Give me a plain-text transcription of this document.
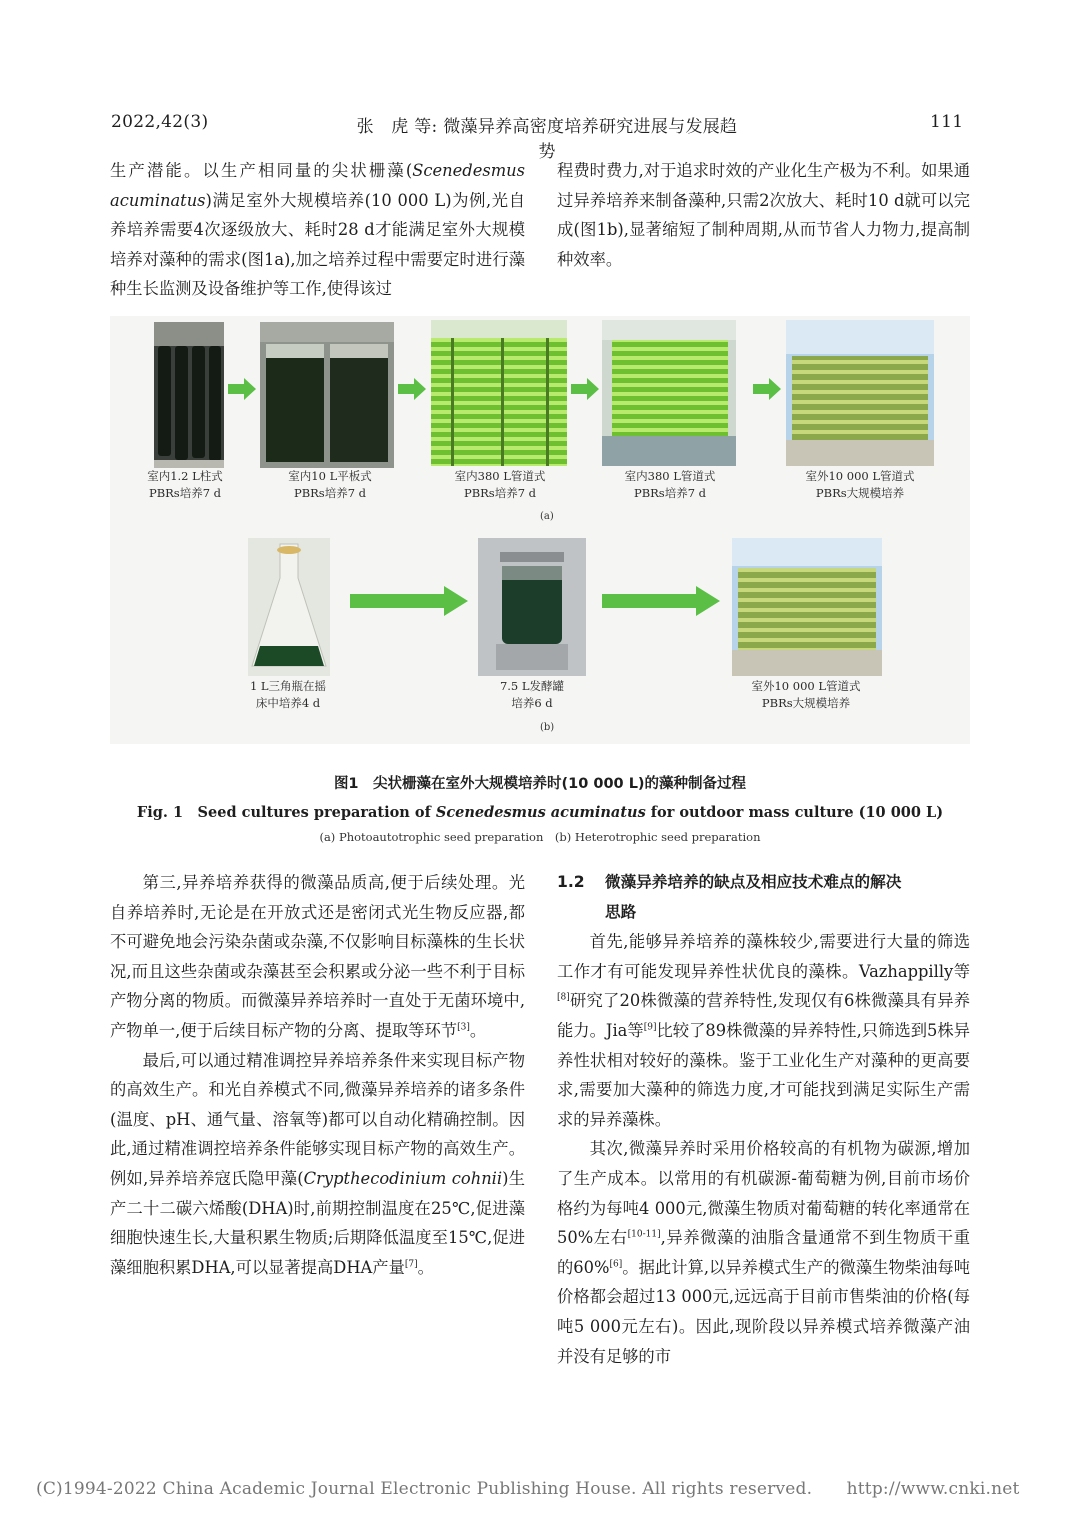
2022,42(3)	张　虎 等: 微藻异养高密度培养研究进展与发展趋势
111

生产潜能。以生产相同量的尖状栅藻(Scenedesmus acuminatus)满足室外大规模培养(10 000 L)为例,光自养培养需要4次逐级放大、耗时28 d才能满足室外大规模培养对藻种的需求(图1a),加之培养过程中需要定时进行藻种生长监测及设备维护等工作,使得该过

程费时费力,对于追求时效的产业化生产极为不利。如果通过异养培养来制备藻种,只需2次放大、耗时10 d就可以完成(图1b),显著缩短了制种周期,从而节省人力物力,提高制种效率。

室内1.2 L柱式
PBRs培养7 d
室内10 L平板式
PBRs培养7 d
室内380 L管道式
PBRs培养7 d
室内380 L管道式
PBRs培养7 d
室外10 000 L管道式
PBRs大规模培养
(a)
1 L三角瓶在摇
床中培养4 d
7.5 L发酵罐
培养6 d
室外10 000 L管道式
PBRs大规模培养
(b)
图1　尖状栅藻在室外大规模培养时(10 000 L)的藻种制备过程
Fig. 1　Seed cultures preparation of Scenedesmus acuminatus for outdoor mass culture (10 000 L)
(a) Photoautotrophic seed preparation　(b) Heterotrophic seed preparation

第三,异养培养获得的微藻品质高,便于后续处理。光自养培养时,无论是在开放式还是密闭式光生物反应器,都不可避免地会污染杂菌或杂藻,不仅影响目标藻株的生长状况,而且这些杂菌或杂藻甚至会积累或分泌一些不利于目标产物分离的物质。而微藻异养培养时一直处于无菌环境中,产物单一,便于后续目标产物的分离、提取等环节[3]。

最后,可以通过精准调控异养培养条件来实现目标产物的高效生产。和光自养模式不同,微藻异养培养的诸多条件(温度、pH、通气量、溶氧等)都可以自动化精确控制。因此,通过精准调控培养条件能够实现目标产物的高效生产。例如,异养培养寇氏隐甲藻(Crypthecodinium cohnii)生产二十二碳六烯酸(DHA)时,前期控制温度在25℃,促进藻细胞快速生长,大量积累生物质;后期降低温度至15℃,促进藻细胞积累DHA,可以显著提高DHA产量[7]。

1.2 微藻异养培养的缺点及相应技术难点的解决
思路

首先,能够异养培养的藻株较少,需要进行大量的筛选工作才有可能发现异养性状优良的藻株。Vazhappilly等[8]研究了20株微藻的营养特性,发现仅有6株微藻具有异养能力。Jia等[9]比较了89株微藻的异养特性,只筛选到5株异养性状相对较好的藻株。鉴于工业化生产对藻种的更高要求,需要加大藻种的筛选力度,才可能找到满足实际生产需求的异养藻株。

其次,微藻异养时采用价格较高的有机物为碳源,增加了生产成本。以常用的有机碳源-葡萄糖为例,目前市场价格约为每吨4 000元,微藻生物质对葡萄糖的转化率通常在50%左右[10-11],异养微藻的油脂含量通常不到生物质干重的60%[6]。据此计算,以异养模式生产的微藻生物柴油每吨价格都会超过13 000元,远远高于目前市售柴油的价格(每吨5 000元左右)。因此,现阶段以异养模式培养微藻产油并没有足够的市

(C)1994-2022 China Academic Journal Electronic Publishing House. All rights reserved.　　http://www.cnki.net
